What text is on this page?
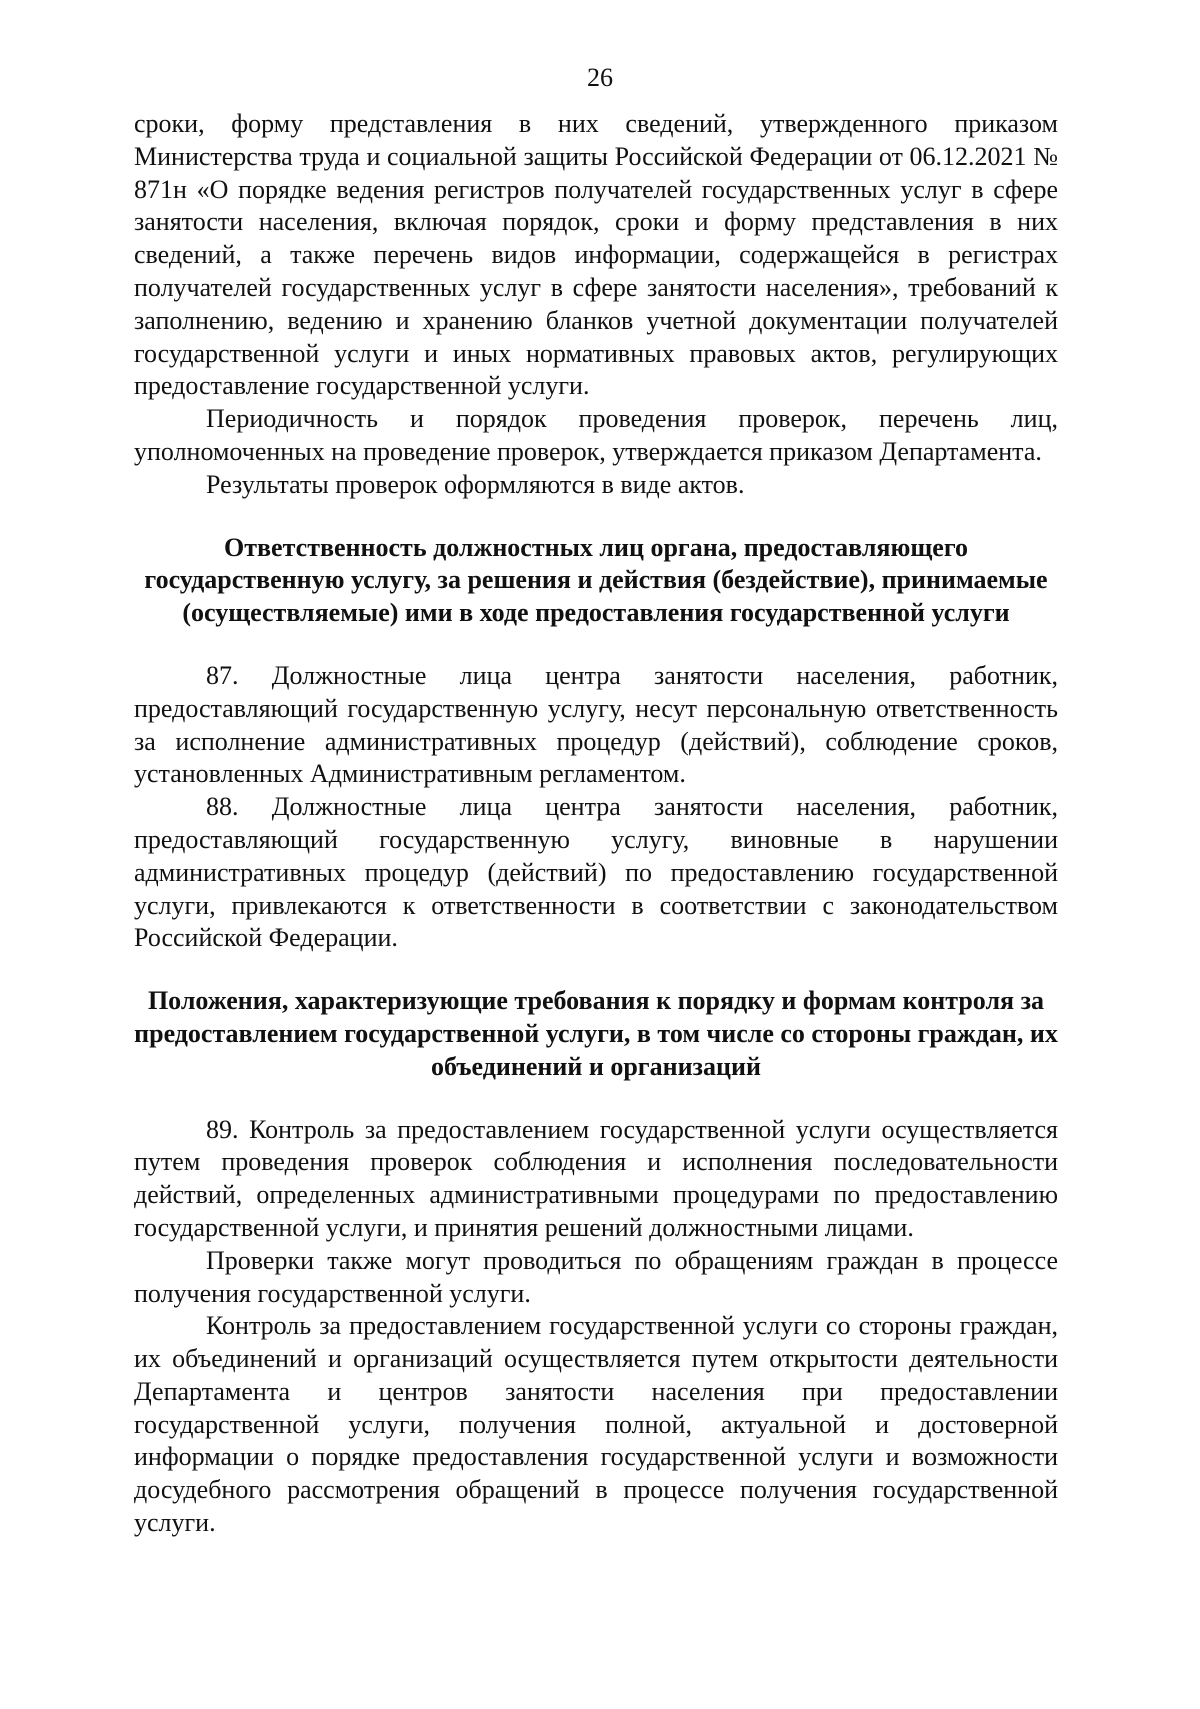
26

сроки, форму представления в них сведений, утвержденного приказом Министерства труда и социальной защиты Российской Федерации от 06.12.2021 № 871н «О порядке ведения регистров получателей государственных услуг в сфере занятости населения, включая порядок, сроки и форму представления в них сведений, а также перечень видов информации, содержащейся в регистрах получателей государственных услуг в сфере занятости населения», требований к заполнению, ведению и хранению бланков учетной документации получателей государственной услуги и иных нормативных правовых актов, регулирующих предоставление государственной услуги.

Периодичность и порядок проведения проверок, перечень лиц, уполномоченных на проведение проверок, утверждается приказом Департамента.

Результаты проверок оформляются в виде актов.

Ответственность должностных лиц органа, предоставляющего государственную услугу, за решения и действия (бездействие), принимаемые (осуществляемые) ими в ходе предоставления государственной услуги

87. Должностные лица центра занятости населения, работник, предоставляющий государственную услугу, несут персональную ответственность за исполнение административных процедур (действий), соблюдение сроков, установленных Административным регламентом.

88. Должностные лица центра занятости населения, работник, предоставляющий государственную услугу, виновные в нарушении административных процедур (действий) по предоставлению государственной услуги, привлекаются к ответственности в соответствии с законодательством Российской Федерации.

Положения, характеризующие требования к порядку и формам контроля за предоставлением государственной услуги, в том числе со стороны граждан, их объединений и организаций

89. Контроль за предоставлением государственной услуги осуществляется путем проведения проверок соблюдения и исполнения последовательности действий, определенных административными процедурами по предоставлению государственной услуги, и принятия решений должностными лицами.

Проверки также могут проводиться по обращениям граждан в процессе получения государственной услуги.

Контроль за предоставлением государственной услуги со стороны граждан, их объединений и организаций осуществляется путем открытости деятельности Департамента и центров занятости населения при предоставлении государственной услуги, получения полной, актуальной и достоверной информации о порядке предоставления государственной услуги и возможности досудебного рассмотрения обращений в процессе получения государственной услуги.
